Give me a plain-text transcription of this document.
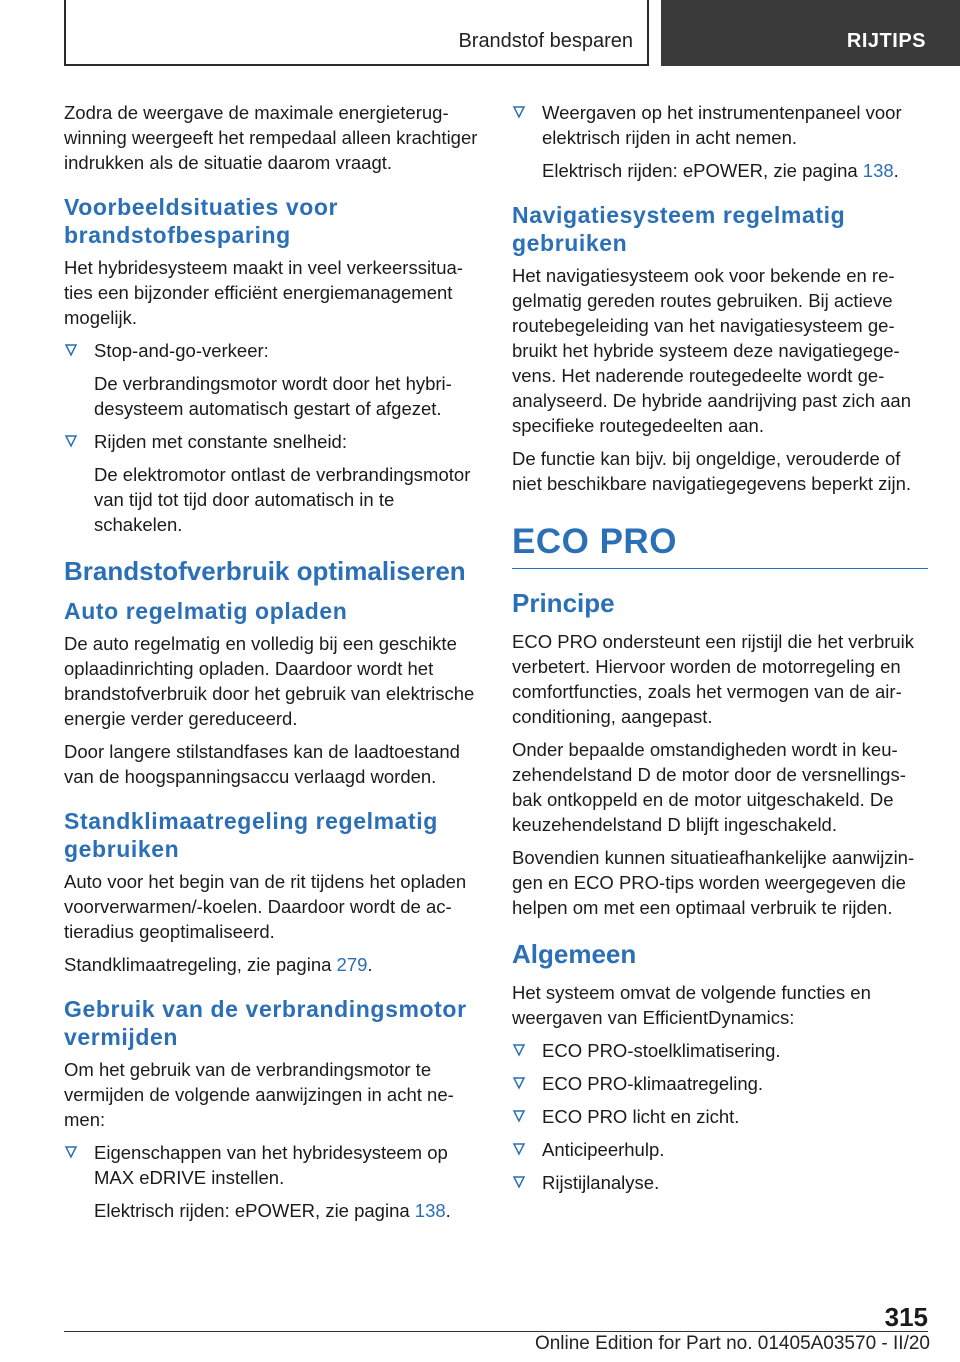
Brandstof besparen	RIJTIPS

Zodra de weergave de maximale energieterugwinning weergeeft het rempedaal alleen krachtiger indrukken als de situatie daarom vraagt.

Voorbeeldsituaties voor brandstofbesparing

Het hybridesysteem maakt in veel verkeerssituaties een bijzonder efficiënt energiemanagement mogelijk.

Stop-and-go-verkeer:
De verbrandingsmotor wordt door het hybridesysteem automatisch gestart of afgezet.
Rijden met constante snelheid:
De elektromotor ontlast de verbrandingsmotor van tijd tot tijd door automatisch in te schakelen.
Brandstofverbruik optimaliseren
Auto regelmatig opladen

De auto regelmatig en volledig bij een geschikte oplaadinrichting opladen. Daardoor wordt het brandstofverbruik door het gebruik van elektrische energie verder gereduceerd.

Door langere stilstandfases kan de laadtoestand van de hoogspanningsaccu verlaagd worden.

Standklimaatregeling regelmatig gebruiken

Auto voor het begin van de rit tijdens het opladen voorverwarmen/-koelen. Daardoor wordt de actieradius geoptimaliseerd.

Standklimaatregeling, zie pagina 279.

Gebruik van de verbrandingsmotor vermijden

Om het gebruik van de verbrandingsmotor te vermijden de volgende aanwijzingen in acht nemen:

Eigenschappen van het hybridesysteem op MAX eDRIVE instellen.
Elektrisch rijden: ePOWER, zie pagina 138.
Weergaven op het instrumentenpaneel voor elektrisch rijden in acht nemen.
Elektrisch rijden: ePOWER, zie pagina 138.
Navigatiesysteem regelmatig gebruiken

Het navigatiesysteem ook voor bekende en regelmatig gereden routes gebruiken. Bij actieve routebegeleiding van het navigatiesysteem gebruikt het hybride systeem deze navigatiegegevens. Het naderende routegedeelte wordt geanalyseerd. De hybride aandrijving past zich aan specifieke routegedeelten aan.

De functie kan bijv. bij ongeldige, verouderde of niet beschikbare navigatiegegevens beperkt zijn.

ECO PRO
Principe

ECO PRO ondersteunt een rijstijl die het verbruik verbetert. Hiervoor worden de motorregeling en comfortfuncties, zoals het vermogen van de airconditioning, aangepast.

Onder bepaalde omstandigheden wordt in keuzehendelstand D de motor door de versnellingsbak ontkoppeld en de motor uitgeschakeld. De keuzehendelstand D blijft ingeschakeld.

Bovendien kunnen situatieafhankelijke aanwijzingen en ECO PRO-tips worden weergegeven die helpen om met een optimaal verbruik te rijden.

Algemeen

Het systeem omvat de volgende functies en weergaven van EfficientDynamics:

ECO PRO-stoelklimatisering.
ECO PRO-klimaatregeling.
ECO PRO licht en zicht.
Anticipeerhulp.
Rijstijlanalyse.
315
Online Edition for Part no. 01405A03570 - II/20
